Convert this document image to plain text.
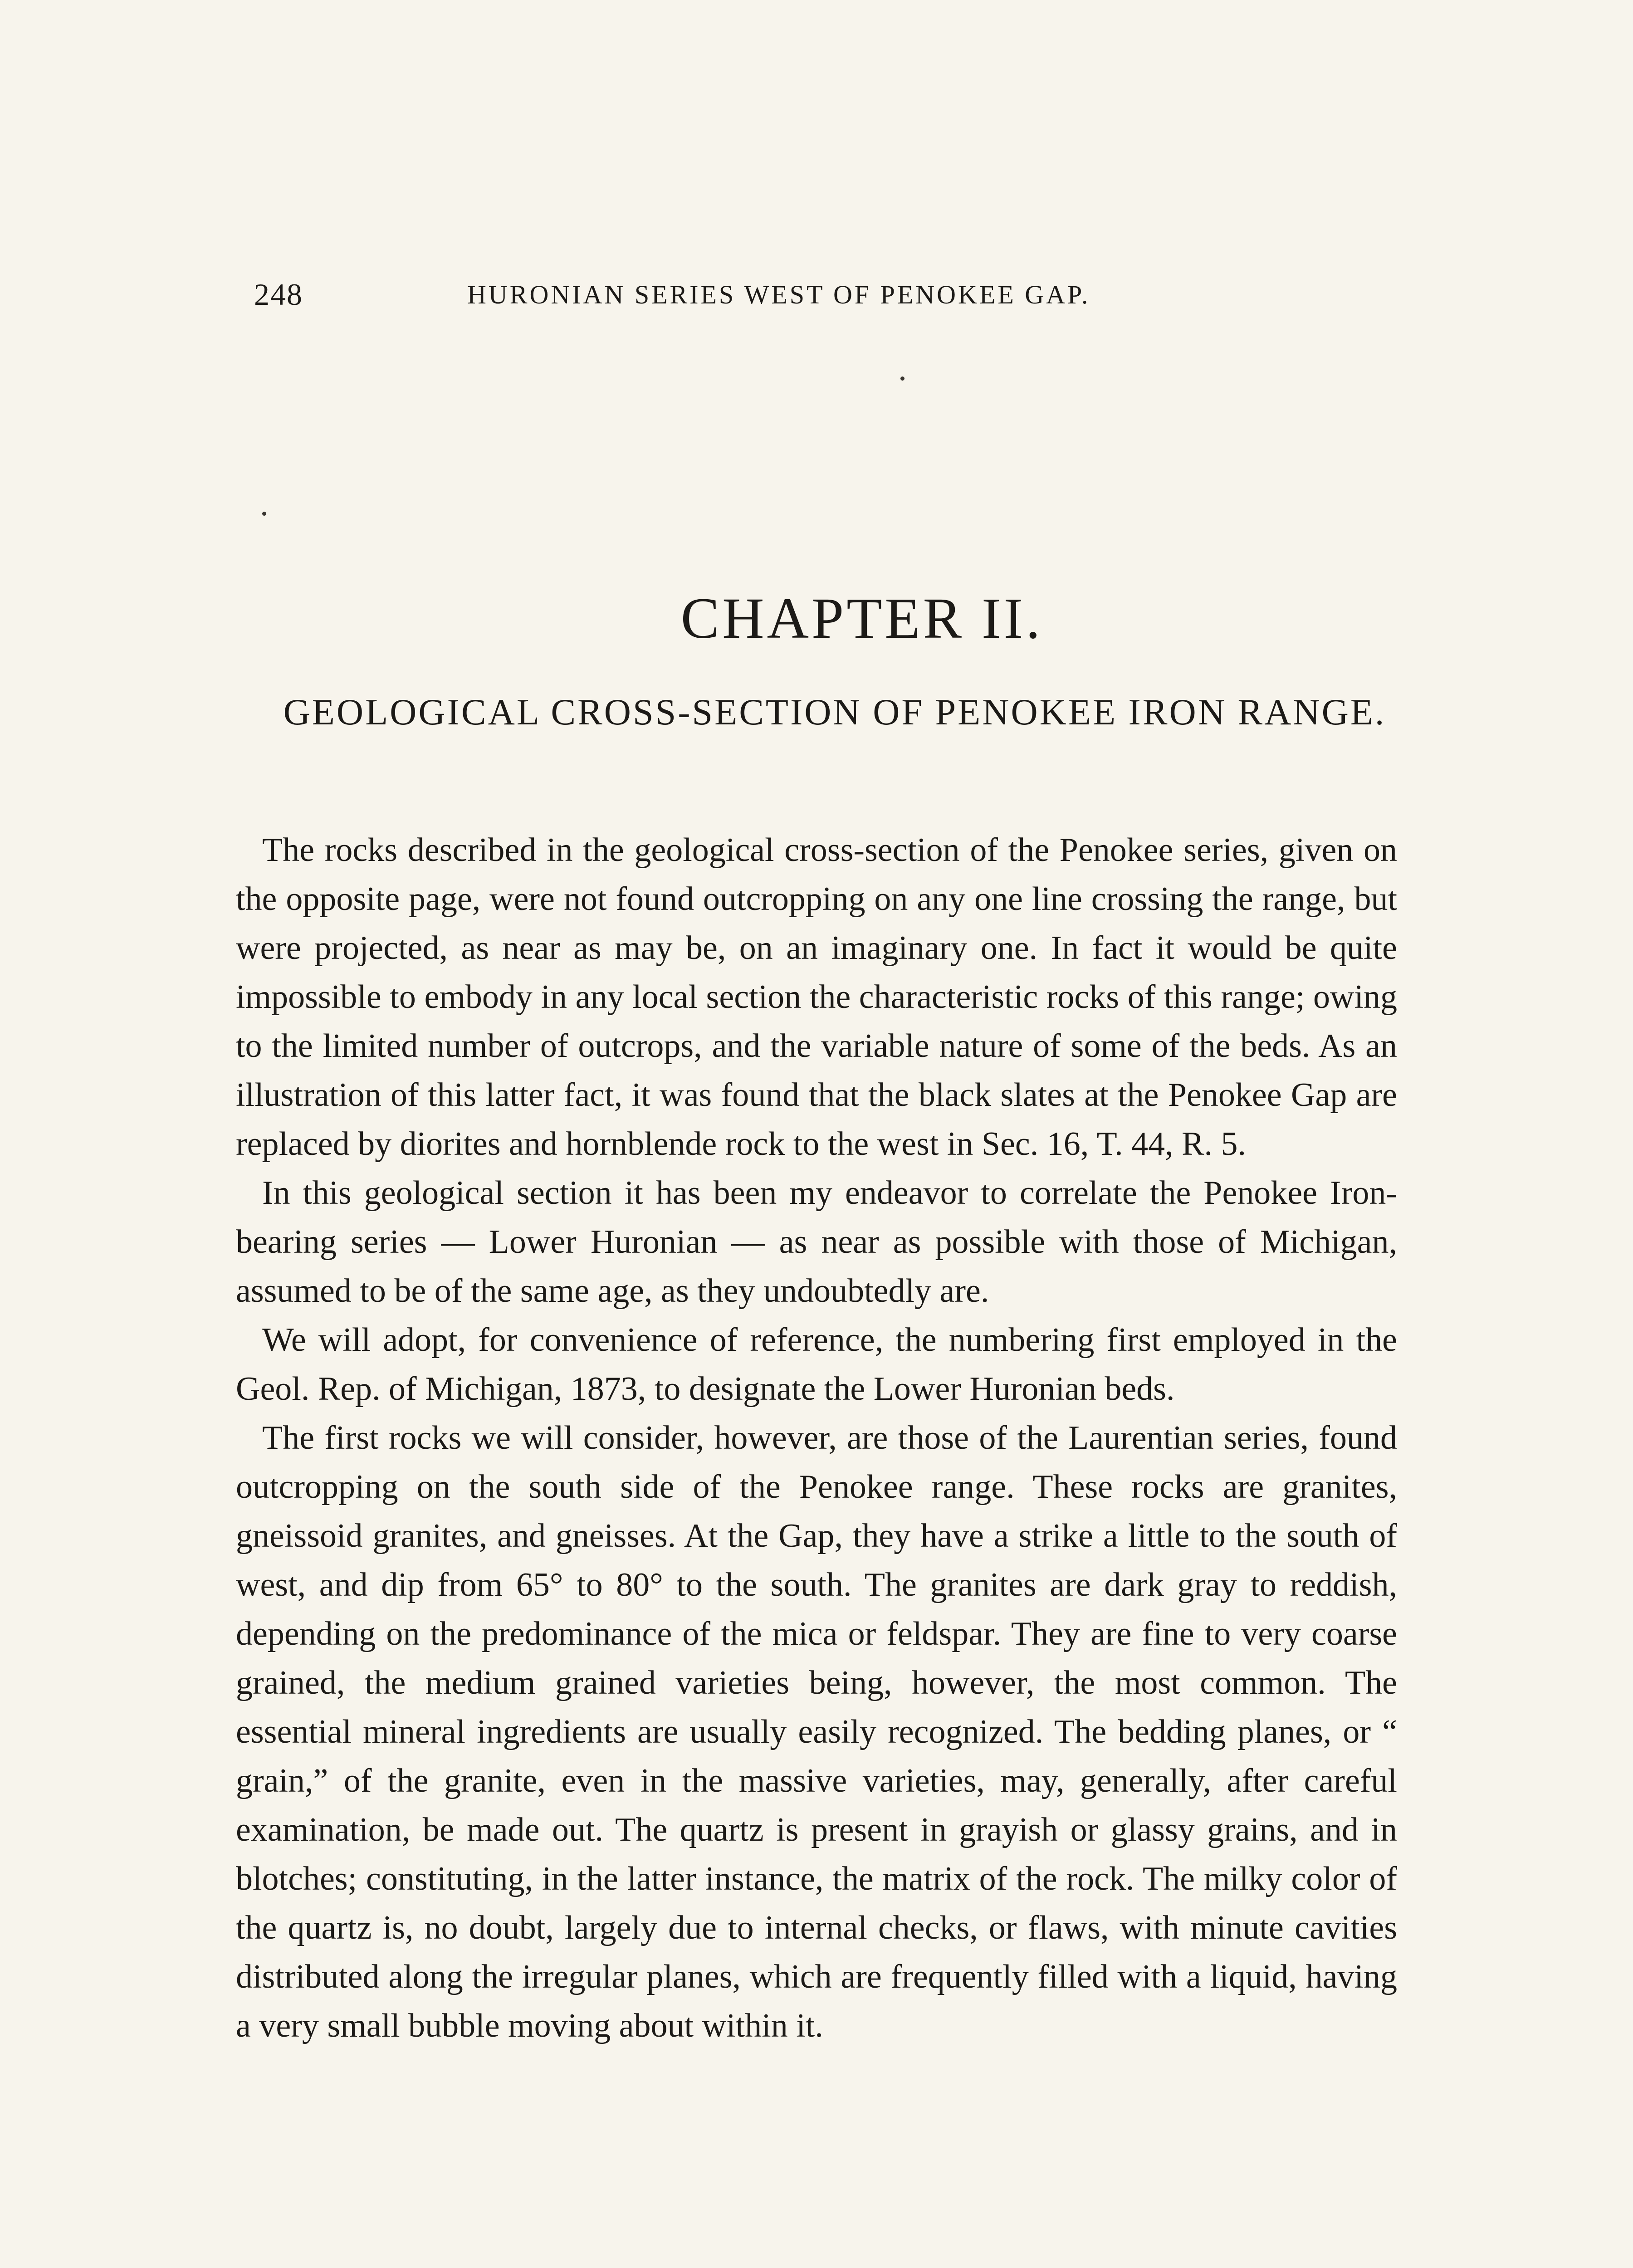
248	HURONIAN SERIES WEST OF PENOKEE GAP.
CHAPTER II.
GEOLOGICAL CROSS-SECTION OF PENOKEE IRON RANGE.

The rocks described in the geological cross-section of the Penokee series, given on the opposite page, were not found outcropping on any one line crossing the range, but were projected, as near as may be, on an imaginary one. In fact it would be quite impossible to embody in any local section the characteristic rocks of this range; owing to the limited number of outcrops, and the variable nature of some of the beds. As an illustration of this latter fact, it was found that the black slates at the Penokee Gap are replaced by diorites and hornblende rock to the west in Sec. 16, T. 44, R. 5.

In this geological section it has been my endeavor to correlate the Penokee Iron-bearing series — Lower Huronian — as near as possible with those of Michigan, assumed to be of the same age, as they undoubtedly are.

We will adopt, for convenience of reference, the numbering first employed in the Geol. Rep. of Michigan, 1873, to designate the Lower Huronian beds.

The first rocks we will consider, however, are those of the Laurentian series, found outcropping on the south side of the Penokee range. These rocks are granites, gneissoid granites, and gneisses. At the Gap, they have a strike a little to the south of west, and dip from 65° to 80° to the south. The granites are dark gray to reddish, depending on the predominance of the mica or feldspar. They are fine to very coarse grained, the medium grained varieties being, however, the most common. The essential mineral ingredients are usually easily recognized. The bedding planes, or “ grain,” of the granite, even in the massive varieties, may, generally, after careful examination, be made out. The quartz is present in grayish or glassy grains, and in blotches; constituting, in the latter instance, the matrix of the rock. The milky color of the quartz is, no doubt, largely due to internal checks, or flaws, with minute cavities distributed along the irregular planes, which are frequently filled with a liquid, having a very small bubble moving about within it.
